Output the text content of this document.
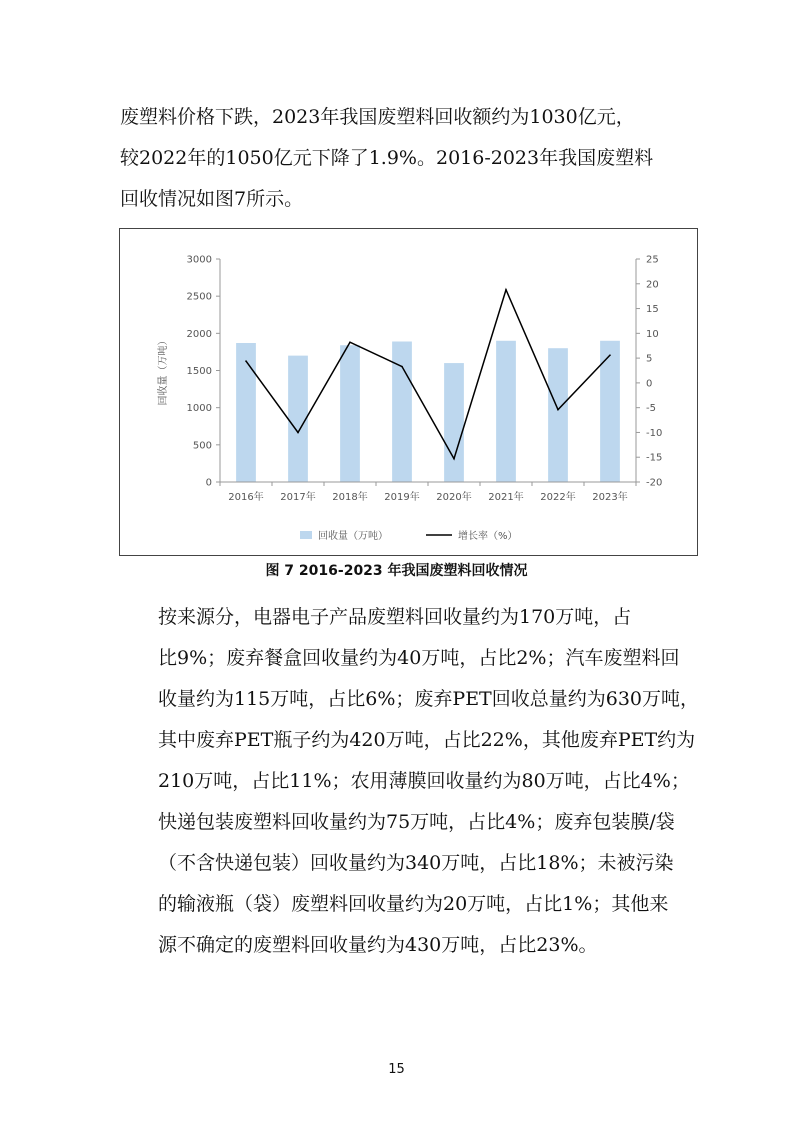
废塑料价格下跌，2023年我国废塑料回收额约为1030亿元，
较2022年的1050亿元下降了1.9%。2016-2023年我国废塑料
回收情况如图7所示。
2016年 2017年 2018年 2019年 2020年 2021年 2022年 2023年
0
500
1000
1500
2000
2500
3000
-20
-15
-10
-5
0
5
10
15
20
25
回收量（万吨）
回收量（万吨）	增长率（%）
图 7 2016-2023 年我国废塑料回收情况
按来源分，电器电子产品废塑料回收量约为170万吨，占
比9%；废弃餐盒回收量约为40万吨，占比2%；汽车废塑料回
收量约为115万吨，占比6%；废弃PET回收总量约为630万吨，
其中废弃PET瓶子约为420万吨，占比22%，其他废弃PET约为
210万吨，占比11%；农用薄膜回收量约为80万吨，占比4%；
快递包装废塑料回收量约为75万吨，占比4%；废弃包装膜/袋
（不含快递包装）回收量约为340万吨，占比18%；未被污染
的输液瓶（袋）废塑料回收量约为20万吨，占比1%；其他来
源不确定的废塑料回收量约为430万吨，占比23%。
15
